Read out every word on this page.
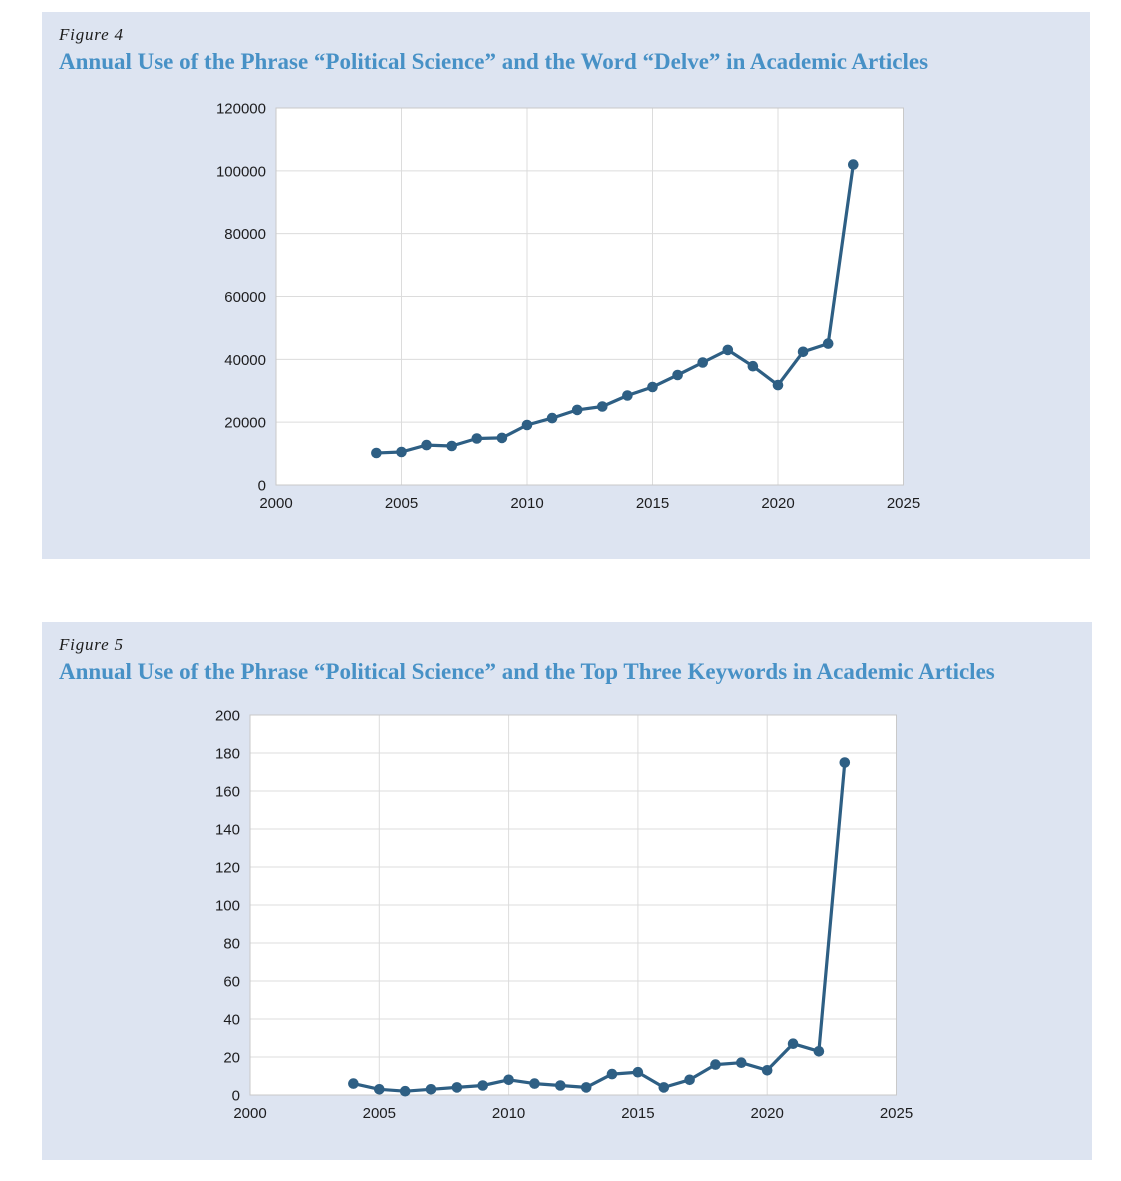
Figure 4
Annual Use of the Phrase “Political Science” and the Word “Delve” in Academic Articles
0
20000
40000
60000
80000
100000
120000
2000	2005	2010	2015	2020	2025
Figure 5
Annual Use of the Phrase “Political Science” and the Top Three Keywords in Academic Articles
0
20
40
60
80
100
120
140
160
180
200
2000	2005	2010	2015	2020	2025
